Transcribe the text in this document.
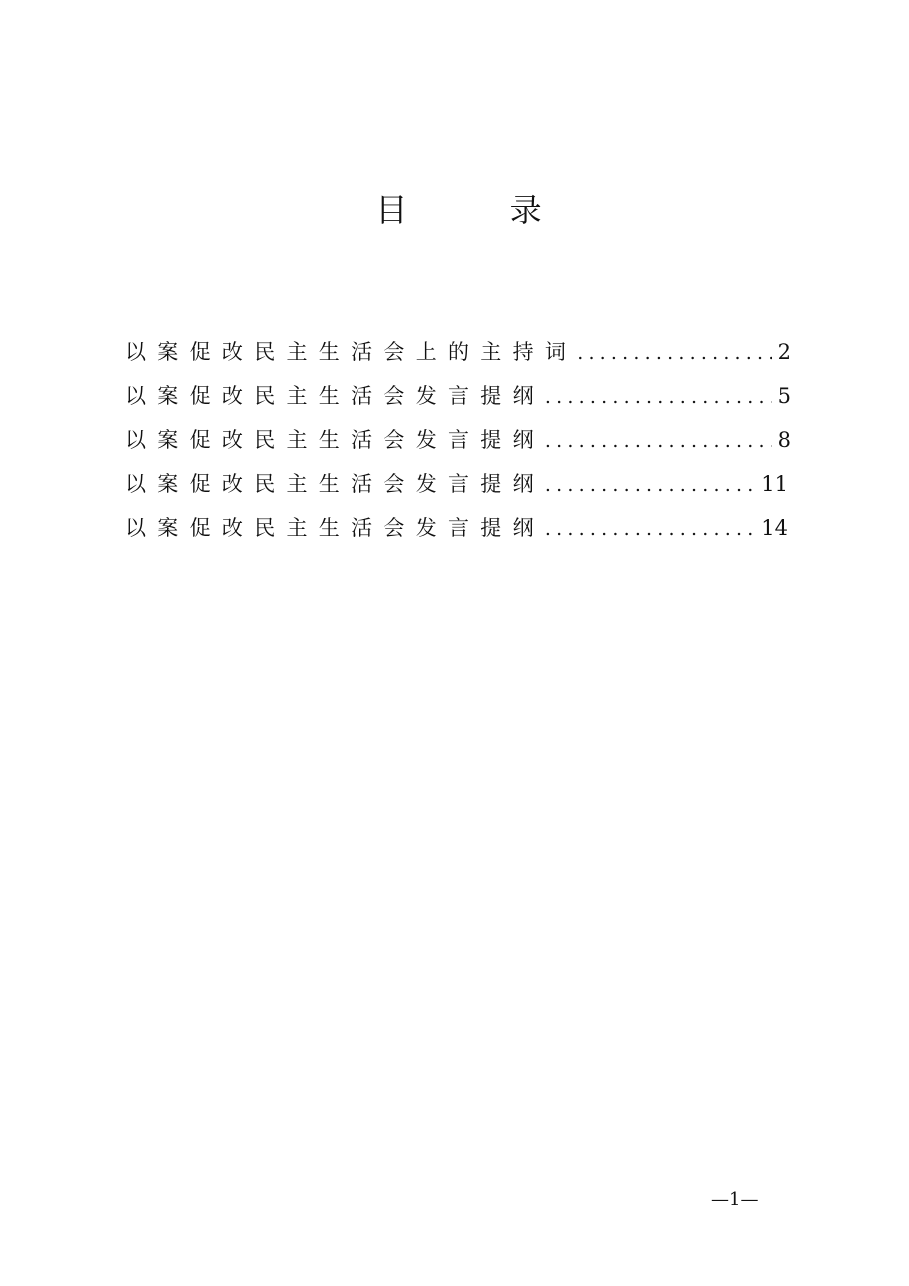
目 录
以案促改民主生活会上的主持词 .....	2
以案促改民主生活会发言提纲 .....	5
以案促改民主生活会发言提纲 .....	8
以案促改民主生活会发言提纲 .....	11
以案促改民主生活会发言提纲 .....	14
—1—
